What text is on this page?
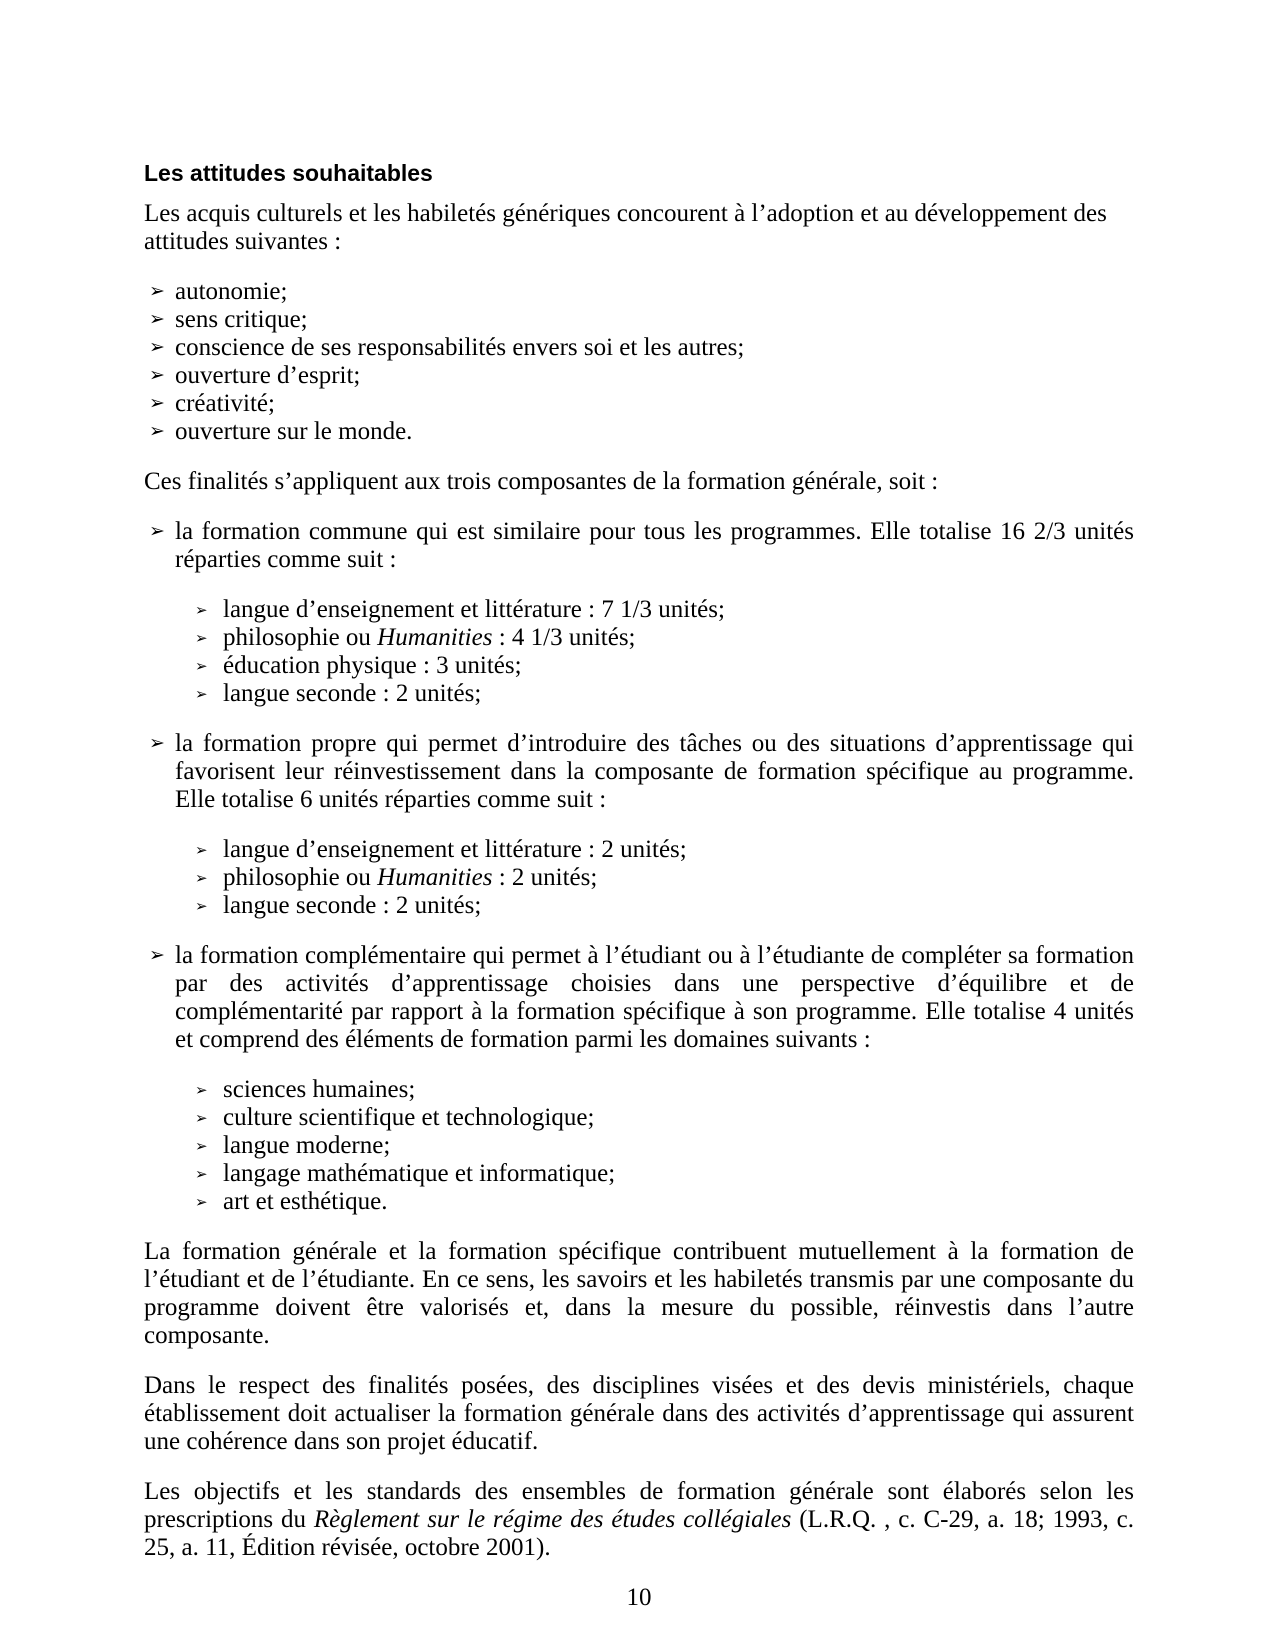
Les attitudes souhaitables

Les acquis culturels et les habiletés génériques concourent à l’adoption et au développement des attitudes suivantes :

➢ autonomie;
➢ sens critique;
➢ conscience de ses responsabilités envers soi et les autres;
➢ ouverture d’esprit;
➢ créativité;
➢ ouverture sur le monde.

Ces finalités s’appliquent aux trois composantes de la formation générale, soit :

➢ la formation commune qui est similaire pour tous les programmes. Elle totalise 16 2/3 unités réparties comme suit :
➢ langue d’enseignement et littérature : 7 1/3 unités;
➢ philosophie ou Humanities : 4 1/3 unités;
➢ éducation physique : 3 unités;
➢ langue seconde : 2 unités;
➢ la formation propre qui permet d’introduire des tâches ou des situations d’apprentissage qui favorisent leur réinvestissement dans la composante de formation spécifique au programme. Elle totalise 6 unités réparties comme suit :
➢ langue d’enseignement et littérature : 2 unités;
➢ philosophie ou Humanities : 2 unités;
➢ langue seconde : 2 unités;
➢ la formation complémentaire qui permet à l’étudiant ou à l’étudiante de compléter sa formation par des activités d’apprentissage choisies dans une perspective d’équilibre et de complémentarité par rapport à la formation spécifique à son programme. Elle totalise 4 unités et comprend des éléments de formation parmi les domaines suivants :
➢ sciences humaines;
➢ culture scientifique et technologique;
➢ langue moderne;
➢ langage mathématique et informatique;
➢ art et esthétique.

La formation générale et la formation spécifique contribuent mutuellement à la formation de l’étudiant et de l’étudiante. En ce sens, les savoirs et les habiletés transmis par une composante du programme doivent être valorisés et, dans la mesure du possible, réinvestis dans l’autre composante.

Dans le respect des finalités posées, des disciplines visées et des devis ministériels, chaque établissement doit actualiser la formation générale dans des activités d’apprentissage qui assurent une cohérence dans son projet éducatif.

Les objectifs et les standards des ensembles de formation générale sont élaborés selon les prescriptions du Règlement sur le régime des études collégiales (L.R.Q. , c. C-29, a. 18; 1993, c. 25, a. 11, Édition révisée, octobre 2001).

10
